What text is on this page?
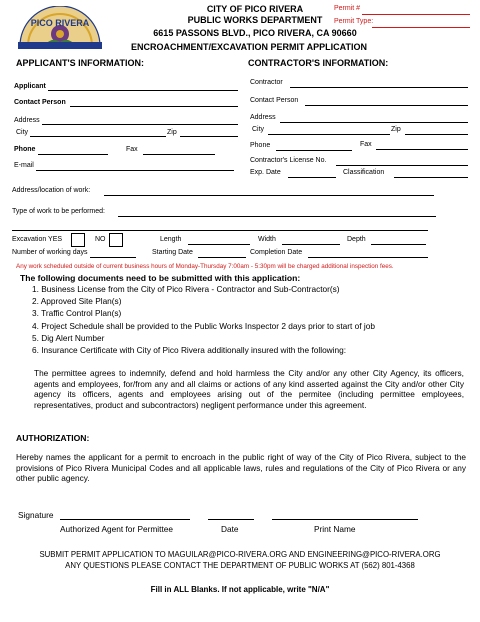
PICO RIVERA
CITY OF PICO RIVERA
PUBLIC WORKS DEPARTMENT
6615 PASSONS BLVD., PICO RIVERA, CA 90660
ENCROACHMENT/EXCAVATION PERMIT APPLICATION
Permit #
Permit Type:
APPLICANT'S INFORMATION:
Applicant
Contact Person
Address
City	Zip
Phone	Fax
E-mail
CONTRACTOR'S INFORMATION:
Contractor
Contact Person
Address
City	Zip
Phone	Fax
Contractor's License No.
Exp. Date	Classification
Address/location of work:
Type of work to be performed:
Excavation YES	NO	Length	Width	Depth
Number of working days	Starting Date	Completion Date
Any work scheduled outside of current business hours of Monday-Thursday 7:00am - 5:30pm will be charged additional inspection fees.
The following documents need to be submitted with this application:
1. Business License from the City of Pico Rivera - Contractor and Sub-Contractor(s)
2. Approved Site Plan(s)
3. Traffic Control Plan(s)
4. Project Schedule shall be provided to the Public Works Inspector 2 days prior to start of job
5. Dig Alert Number
6. Insurance Certificate with City of Pico Rivera additionally insured with the following:
The permittee agrees to indemnify, defend and hold harmless the City and/or any other City Agency, its officers, agents and employees, for/from any and all claims or actions of any kind asserted against the City and/or other City agency its officers, agents and employees arising out of the permitee (including permittee employees, representatives, product and subcontractors) negligent performance under this agreement.
AUTHORIZATION:
Hereby names the applicant for a permit to encroach in the public right of way of the City of Pico Rivera, subject to the provisions of Pico Rivera Municipal Codes and all applicable laws, rules and regulations of the City of Pico Rivera or any other public agency.
Signature
Authorized Agent for Permittee	Date	Print Name
SUBMIT PERMIT APPLICATION TO MAGUILAR@PICO-RIVERA.ORG AND ENGINEERING@PICO-RIVERA.ORG
ANY QUESTIONS PLEASE CONTACT THE DEPARTMENT OF PUBLIC WORKS AT (562) 801-4368
Fill in ALL Blanks. If not applicable, write "N/A"
